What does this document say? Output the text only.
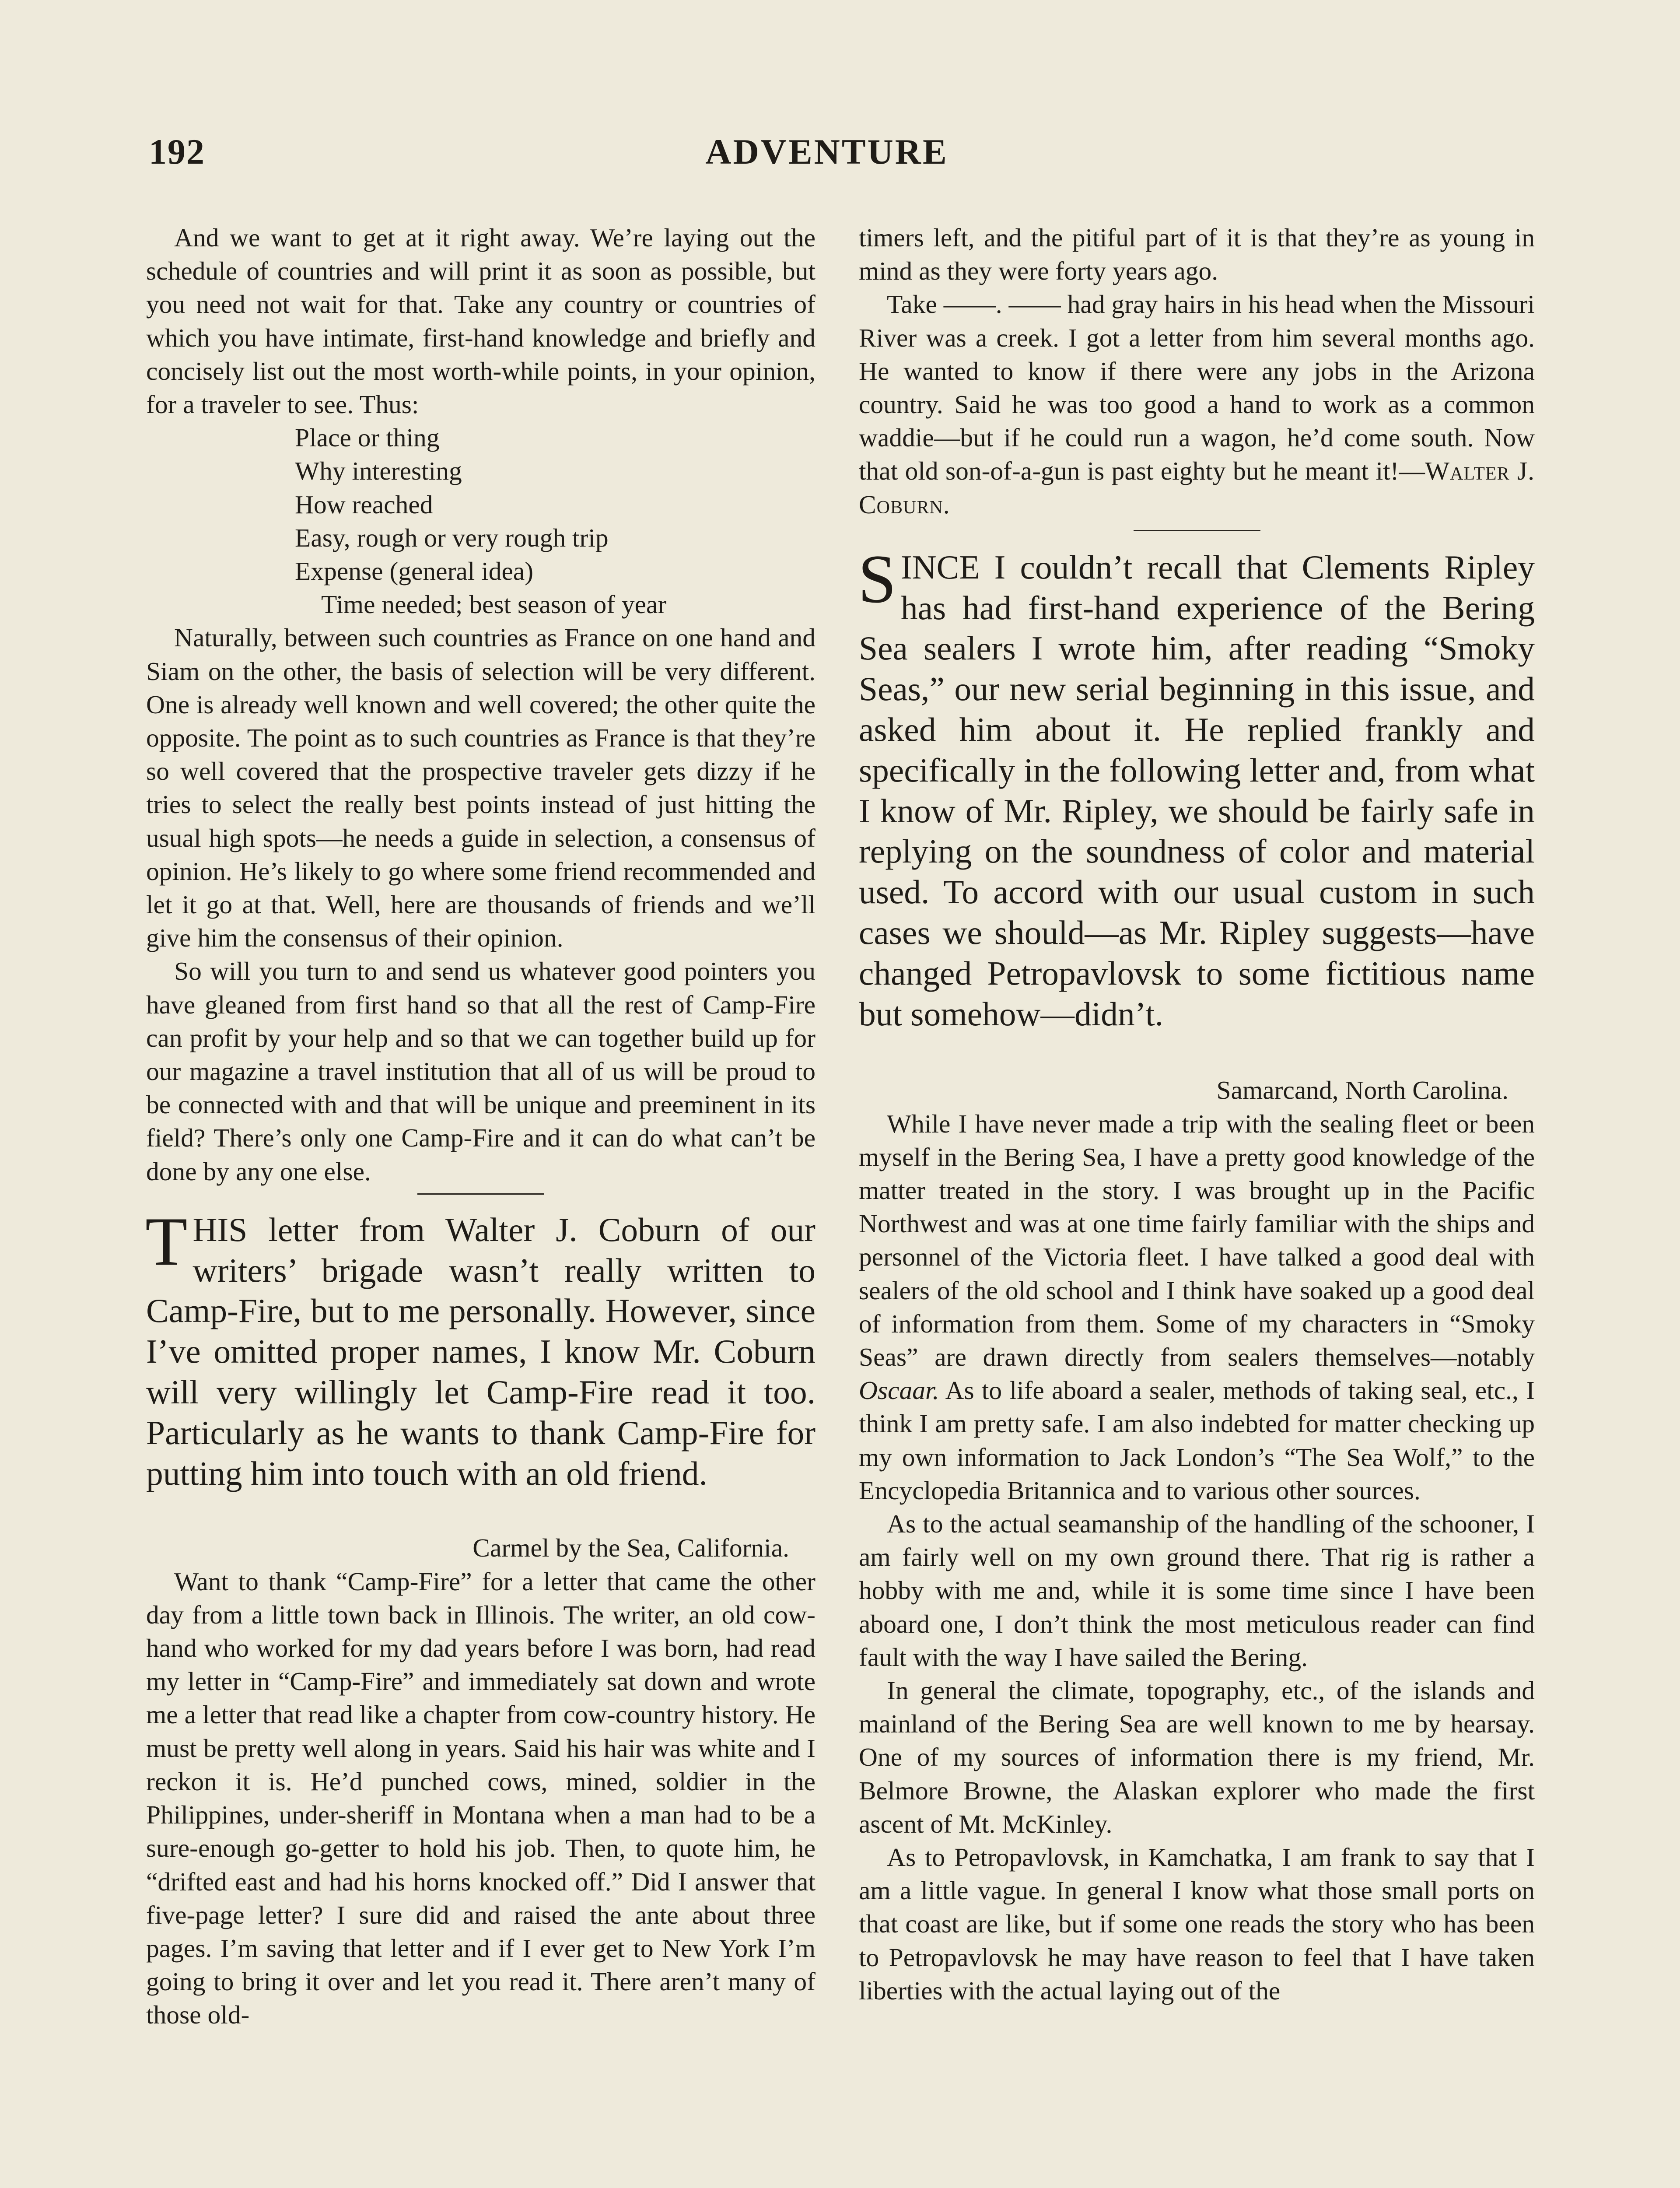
192	ADVENTURE

And we want to get at it right away. We’re laying out the schedule of countries and will print it as soon as possible, but you need not wait for that. Take any country or countries of which you have intimate, first-hand knowledge and briefly and concisely list out the most worth-while points, in your opinion, for a traveler to see. Thus:

Place or thing
Why interesting
How reached
Easy, rough or very rough trip
Expense (general idea)
Time needed; best season of year

Naturally, between such countries as France on one hand and Siam on the other, the basis of selection will be very different. One is already well known and well covered; the other quite the opposite. The point as to such countries as France is that they’re so well covered that the prospective traveler gets dizzy if he tries to select the really best points instead of just hitting the usual high spots—he needs a guide in selection, a consensus of opinion. He’s likely to go where some friend recommended and let it go at that. Well, here are thousands of friends and we’ll give him the consensus of their opinion.

So will you turn to and send us whatever good pointers you have gleaned from first hand so that all the rest of Camp-Fire can profit by your help and so that we can together build up for our magazine a travel institution that all of us will be proud to be connected with and that will be unique and preeminent in its field? There’s only one Camp-Fire and it can do what can’t be done by any one else.

THIS letter from Walter J. Coburn of our writers’ brigade wasn’t really written to Camp-Fire, but to me personally. However, since I’ve omitted proper names, I know Mr. Coburn will very willingly let Camp-Fire read it too. Particularly as he wants to thank Camp-Fire for putting him into touch with an old friend.

Carmel by the Sea, California.

Want to thank “Camp-Fire” for a letter that came the other day from a little town back in Illinois. The writer, an old cow-hand who worked for my dad years before I was born, had read my letter in “Camp-Fire” and immediately sat down and wrote me a letter that read like a chapter from cow-country history. He must be pretty well along in years. Said his hair was white and I reckon it is. He’d punched cows, mined, soldier in the Philippines, under-sheriff in Montana when a man had to be a sure-enough go-getter to hold his job. Then, to quote him, he “drifted east and had his horns knocked off.” Did I answer that five-page letter? I sure did and raised the ante about three pages. I’m saving that letter and if I ever get to New York I’m going to bring it over and let you read it. There aren’t many of those old-

timers left, and the pitiful part of it is that they’re as young in mind as they were forty years ago.

Take ——. —— had gray hairs in his head when the Missouri River was a creek. I got a letter from him several months ago. He wanted to know if there were any jobs in the Arizona country. Said he was too good a hand to work as a common waddie—but if he could run a wagon, he’d come south. Now that old son-of-a-gun is past eighty but he meant it!—Walter J. Coburn.

SINCE I couldn’t recall that Clements Ripley has had first-hand experience of the Bering Sea sealers I wrote him, after reading “Smoky Seas,” our new serial beginning in this issue, and asked him about it. He replied frankly and specifically in the following letter and, from what I know of Mr. Ripley, we should be fairly safe in replying on the soundness of color and material used. To accord with our usual custom in such cases we should—as Mr. Ripley suggests—have changed Petropavlovsk to some fictitious name but somehow—didn’t.

Samarcand, North Carolina.

While I have never made a trip with the sealing fleet or been myself in the Bering Sea, I have a pretty good knowledge of the matter treated in the story. I was brought up in the Pacific Northwest and was at one time fairly familiar with the ships and personnel of the Victoria fleet. I have talked a good deal with sealers of the old school and I think have soaked up a good deal of information from them. Some of my characters in “Smoky Seas” are drawn directly from sealers themselves—notably Oscaar. As to life aboard a sealer, methods of taking seal, etc., I think I am pretty safe. I am also indebted for matter checking up my own information to Jack London’s “The Sea Wolf,” to the Encyclopedia Britannica and to various other sources.

As to the actual seamanship of the handling of the schooner, I am fairly well on my own ground there. That rig is rather a hobby with me and, while it is some time since I have been aboard one, I don’t think the most meticulous reader can find fault with the way I have sailed the Bering.

In general the climate, topography, etc., of the islands and mainland of the Bering Sea are well known to me by hearsay. One of my sources of information there is my friend, Mr. Belmore Browne, the Alaskan explorer who made the first ascent of Mt. McKinley.

As to Petropavlovsk, in Kamchatka, I am frank to say that I am a little vague. In general I know what those small ports on that coast are like, but if some one reads the story who has been to Petropavlovsk he may have reason to feel that I have taken liberties with the actual laying out of the
